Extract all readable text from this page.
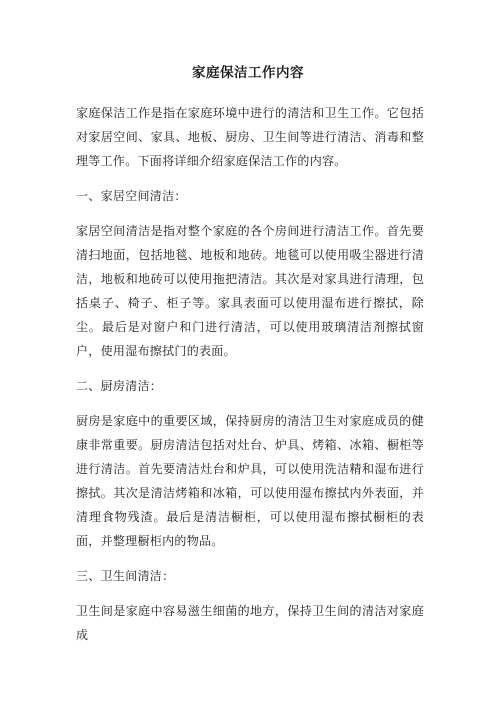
家庭保洁工作内容

家庭保洁工作是指在家庭环境中进行的清洁和卫生工作。它包括对家居空间、家具、地板、厨房、卫生间等进行清洁、消毒和整理等工作。下面将详细介绍家庭保洁工作的内容。

一、家居空间清洁：

家居空间清洁是指对整个家庭的各个房间进行清洁工作。首先要清扫地面，包括地毯、地板和地砖。地毯可以使用吸尘器进行清洁，地板和地砖可以使用拖把清洁。其次是对家具进行清理，包括桌子、椅子、柜子等。家具表面可以使用湿布进行擦拭，除尘。最后是对窗户和门进行清洁，可以使用玻璃清洁剂擦拭窗户，使用湿布擦拭门的表面。

二、厨房清洁：

厨房是家庭中的重要区域，保持厨房的清洁卫生对家庭成员的健康非常重要。厨房清洁包括对灶台、炉具、烤箱、冰箱、橱柜等进行清洁。首先要清洁灶台和炉具，可以使用洗洁精和湿布进行擦拭。其次是清洁烤箱和冰箱，可以使用湿布擦拭内外表面，并清理食物残渣。最后是清洁橱柜，可以使用湿布擦拭橱柜的表面，并整理橱柜内的物品。

三、卫生间清洁：

卫生间是家庭中容易滋生细菌的地方，保持卫生间的清洁对家庭成
